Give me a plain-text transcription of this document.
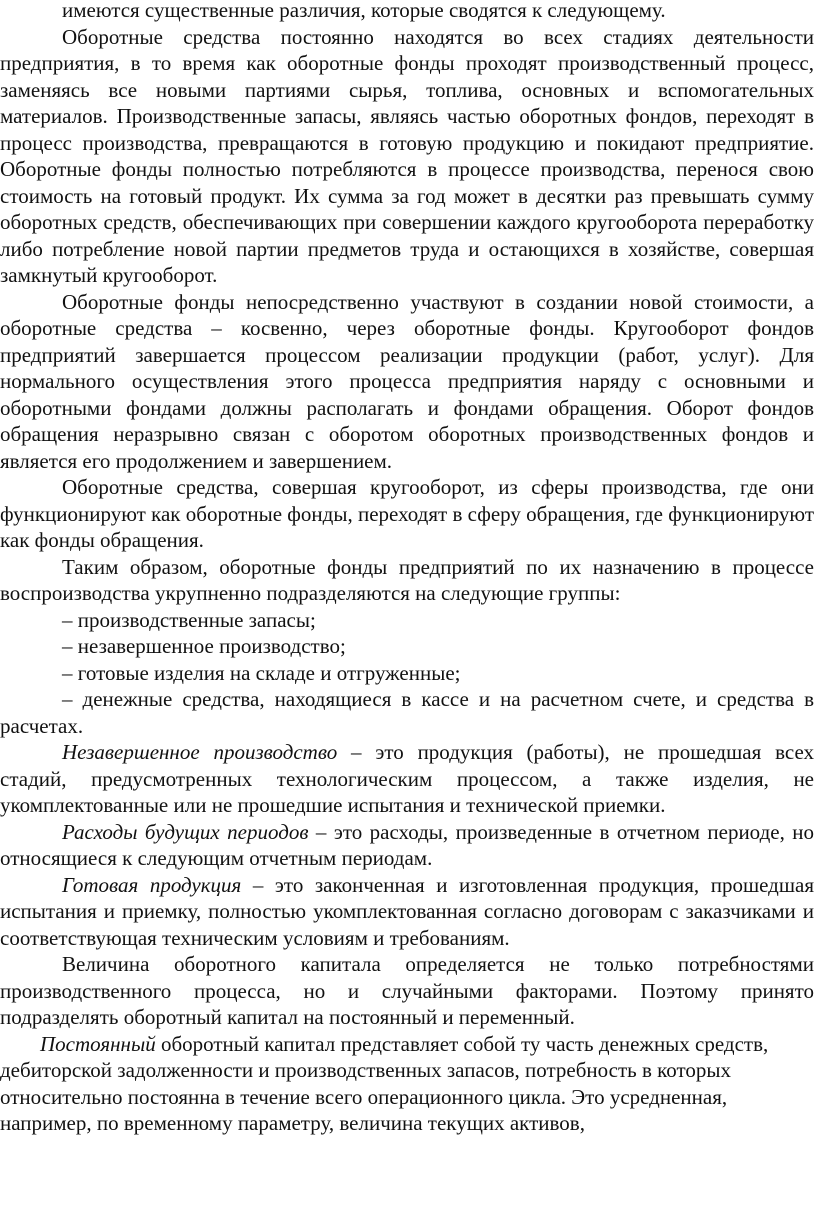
имеются существенные различия, которые сводятся к следующему.

Оборотные средства постоянно находятся во всех стадиях деятельности предприятия, в то время как оборотные фонды проходят производственный процесс, заменяясь все новыми партиями сырья, топлива, основных и вспомогательных материалов. Производственные запасы, являясь частью оборотных фондов, переходят в процесс производства, превращаются в готовую продукцию и покидают предприятие. Оборотные фонды полностью потребляются в процессе производства, перенося свою стоимость на готовый продукт. Их сумма за год может в десятки раз превышать сумму оборотных средств, обеспечивающих при совершении каждого кругооборота переработку либо потребление новой партии предметов труда и остающихся в хозяйстве, совершая замкнутый кругооборот.

Оборотные фонды непосредственно участвуют в создании новой стоимости, а оборотные средства – косвенно, через оборотные фонды. Кругооборот фондов предприятий завершается процессом реализации продукции (работ, услуг). Для нормального осуществления этого процесса предприятия наряду с основными и оборотными фондами должны располагать и фондами обращения. Оборот фондов обращения неразрывно связан с оборотом оборотных производственных фондов и является его продолжением и завершением.

Оборотные средства, совершая кругооборот, из сферы производства, где они функционируют как оборотные фонды, переходят в сферу обращения, где функционируют как фонды обращения.

Таким образом, оборотные фонды предприятий по их назначению в процессе воспроизводства укрупненно подразделяются на следующие группы:

– производственные запасы;

– незавершенное производство;

– готовые изделия на складе и отгруженные;

– денежные средства, находящиеся в кассе и на расчетном счете, и средства в расчетах.

Незавершенное производство – это продукция (работы), не прошедшая всех стадий, предусмотренных технологическим процессом, а также изделия, не укомплектованные или не прошедшие испытания и технической приемки.

Расходы будущих периодов – это расходы, произведенные в отчетном периоде, но относящиеся к следующим отчетным периодам.

Готовая продукция – это законченная и изготовленная продукция, прошедшая испытания и приемку, полностью укомплектованная согласно договорам с заказчиками и соответствующая техническим условиям и требованиям.

Величина оборотного капитала определяется не только потребностями производственного процесса, но и случайными факторами. Поэтому принято подразделять оборотный капитал на постоянный и переменный.

Постоянный оборотный капитал представляет собой ту часть денежных средств, дебиторской задолженности и производственных запасов, потребность в которых относительно постоянна в течение всего операционного цикла. Это усредненная, например, по временному параметру, величина текущих активов,
